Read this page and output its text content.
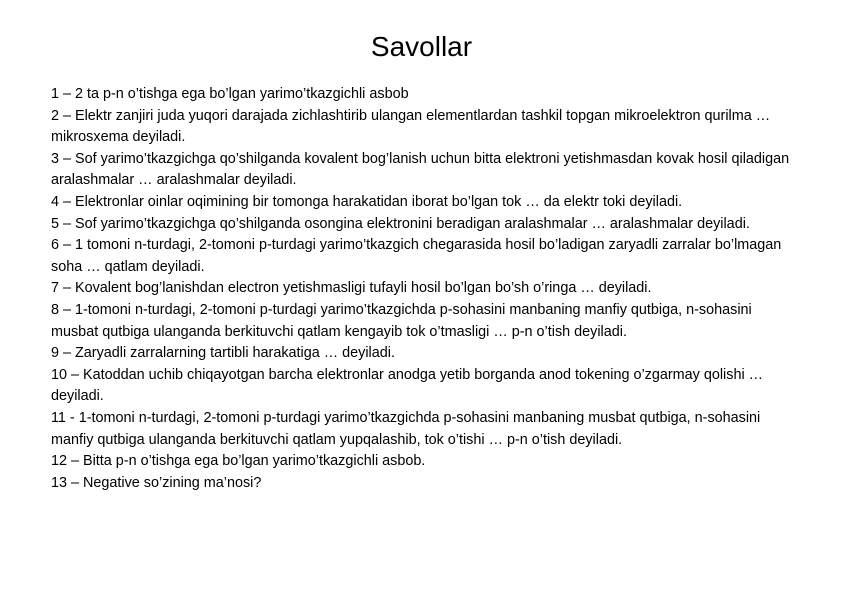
Savollar
1 – 2 ta p-n o’tishga ega bo’lgan yarimo’tkazgichli asbob
2 – Elektr zanjiri juda yuqori darajada zichlashtirib ulangan elementlardan tashkil topgan mikroelektron qurilma … mikrosxema deyiladi.
3 – Sof yarimo’tkazgichga qo’shilganda kovalent bog’lanish uchun bitta elektroni yetishmasdan kovak hosil qiladigan aralashmalar … aralashmalar deyiladi.
4 – Elektronlar oinlar oqimining bir tomonga harakatidan iborat bo’lgan tok … da elektr toki deyiladi.
5 – Sof yarimo’tkazgichga qo’shilganda osongina elektronini beradigan aralashmalar … aralashmalar deyiladi.
6 – 1 tomoni n-turdagi, 2-tomoni p-turdagi yarimo’tkazgich chegarasida hosil bo’ladigan zaryadli zarralar bo’lmagan soha … qatlam deyiladi.
7 – Kovalent bog’lanishdan electron yetishmasligi tufayli hosil bo’lgan bo’sh o’ringa … deyiladi.
8 – 1-tomoni n-turdagi, 2-tomoni p-turdagi yarimo’tkazgichda p-sohasini manbaning manfiy qutbiga, n-sohasini musbat qutbiga ulanganda berkituvchi qatlam kengayib tok o’tmasligi … p-n o’tish deyiladi.
9 – Zaryadli zarralarning tartibli harakatiga … deyiladi.
10 – Katoddan uchib chiqayotgan barcha elektronlar anodga yetib borganda anod tokening o’zgarmay qolishi … deyiladi.
11 - 1-tomoni n-turdagi, 2-tomoni p-turdagi yarimo’tkazgichda p-sohasini manbaning musbat qutbiga, n-sohasini manfiy qutbiga ulanganda berkituvchi qatlam yupqalashib, tok o’tishi … p-n o’tish deyiladi.
12 – Bitta p-n o’tishga ega bo’lgan yarimo’tkazgichli asbob.
13 – Negative so’zining ma’nosi?
